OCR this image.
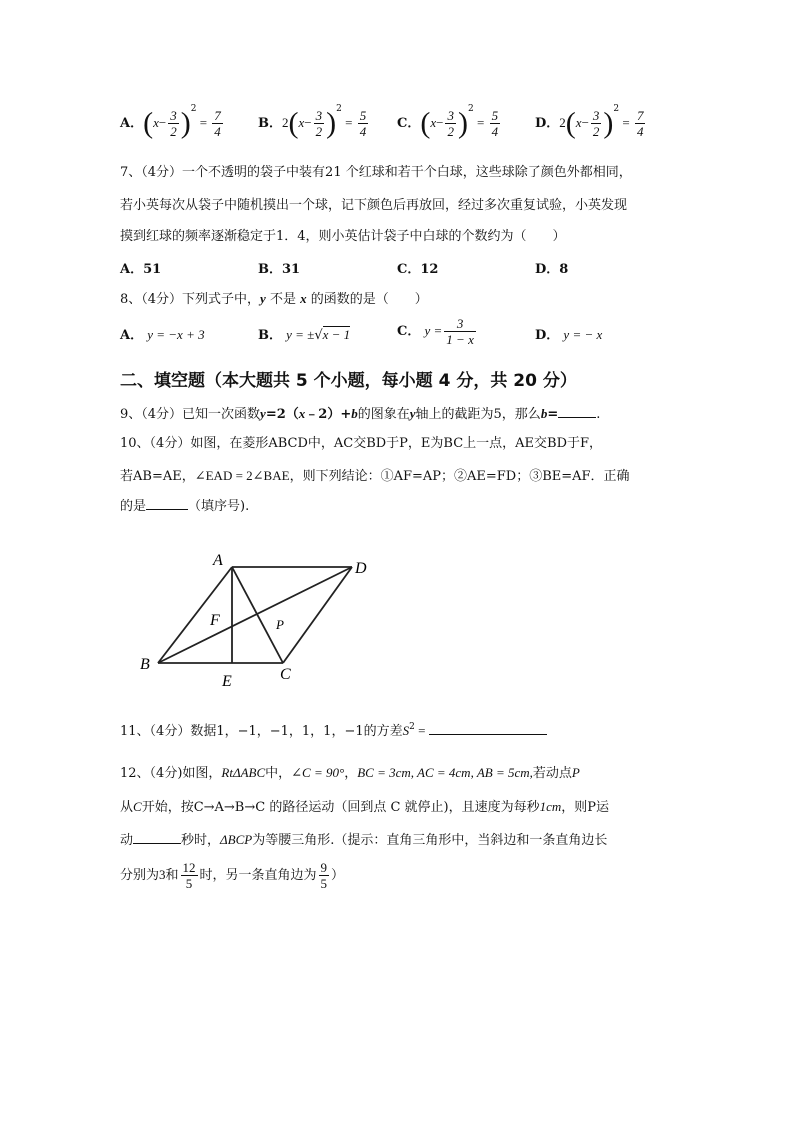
A．$(x- \frac{3}{2} )^2 = \frac{7}{4}$	B．$2(x- \frac{3}{2} )^2 = \frac{5}{4}$ C．$(x- \frac{3}{2} )^2 = \frac{5}{4}$	D．$2(x- \frac{3}{2} )^2 = \frac{7}{4}$
7、（4分）一个不透明的袋子中装有21 个红球和若干个白球，这些球除了颜色外都相同，
若小英每次从袋子中随机摸出一个球，记下颜色后再放回，经过多次重复试验，小英发现
摸到红球的频率逐渐稳定于1．4，则小英估计袋子中白球的个数约为（　　）
A．51	B．31	C．12	D．8
8、（4分）下列式子中，y 不是 x 的函数的是（　　）
A． y = −x + 3	B． y = ±√x − 1	C． $y = \frac{3}{1 - x}$	D． y = − x
二、填空题（本大题共 5 个小题，每小题 4 分，共 20 分）
9、（4分）已知一次函数y=2（x﹣2）+b的图象在y轴上的截距为5，那么b=	.
10、（4分）如图，在菱形ABCD中，AC交BD于P，E为BC上一点，AE交BD于F，
若AB=AE，∠EAD = 2∠BAE，则下列结论：①AF=AP；②AE=FD；③BE=AF．正确
的是	（填序号).
A	D
B
C
E
F	P
11、（4分）数据1，−1，−1，1，1，−1的方差$S^2$ =
12、（4分)如图，RtΔABC中，∠C = 90°，BC = 3cm, AC = 4cm, AB = 5cm,若动点P
从C开始，按C→A→B→C 的路径运动（回到点 C 就停止)，且速度为每秒1cm，则P运
动	秒时，ΔBCP为等腰三角形.（提示：直角三角形中，当斜边和一条直角边长
分别为3和 $\frac{12}{5}$ 时，另一条直角边为 $\frac{9}{5}$ ）
